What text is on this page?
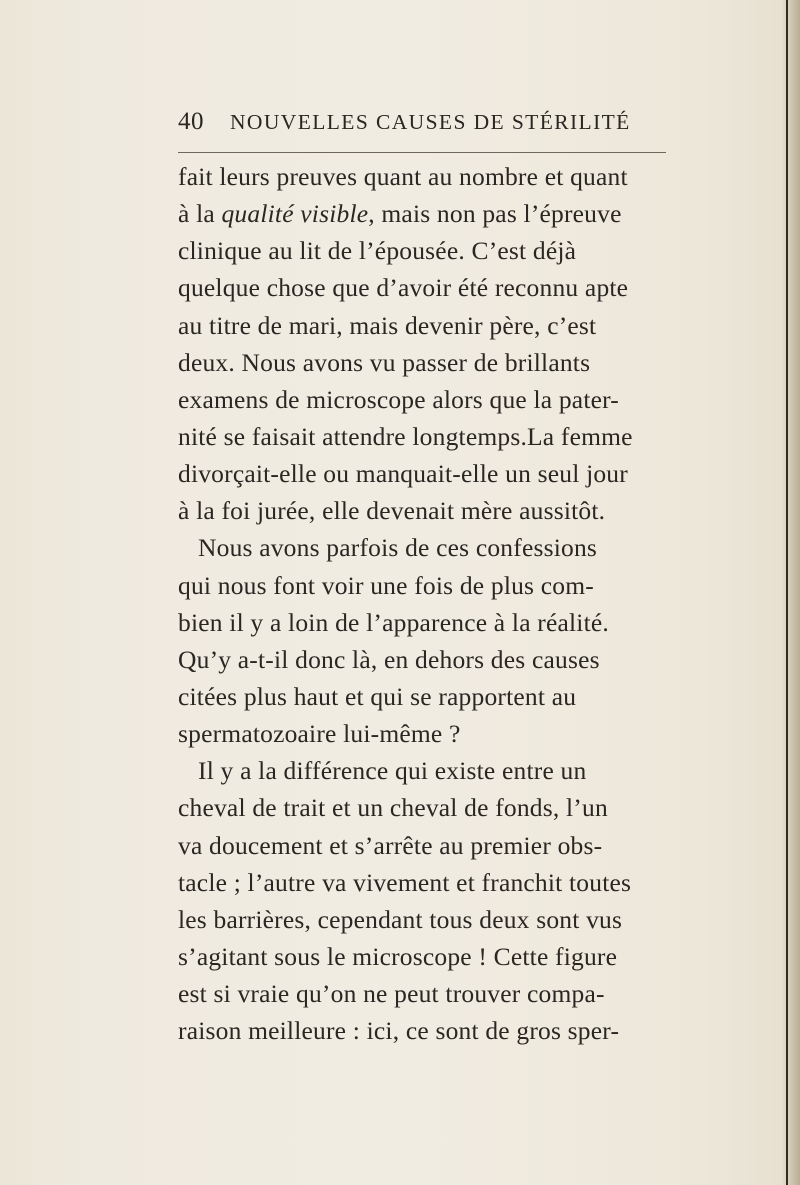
40 NOUVELLES CAUSES DE STÉRILITÉ
fait leurs preuves quant au nombre et quant
à la qualité visible, mais non pas l’épreuve
clinique au lit de l’épousée. C’est déjà
quelque chose que d’avoir été reconnu apte
au titre de mari, mais devenir père, c’est
deux. Nous avons vu passer de brillants
examens de microscope alors que la pater-
nité se faisait attendre longtemps.La femme
divorçait-elle ou manquait-elle un seul jour
à la foi jurée, elle devenait mère aussitôt.
Nous avons parfois de ces confessions
qui nous font voir une fois de plus com-
bien il y a loin de l’apparence à la réalité.
Qu’y a-t-il donc là, en dehors des causes
citées plus haut et qui se rapportent au
spermatozoaire lui-même ?
Il y a la différence qui existe entre un
cheval de trait et un cheval de fonds, l’un
va doucement et s’arrête au premier obs-
tacle ; l’autre va vivement et franchit toutes
les barrières, cependant tous deux sont vus
s’agitant sous le microscope ! Cette figure
est si vraie qu’on ne peut trouver compa-
raison meilleure : ici, ce sont de gros sper-
